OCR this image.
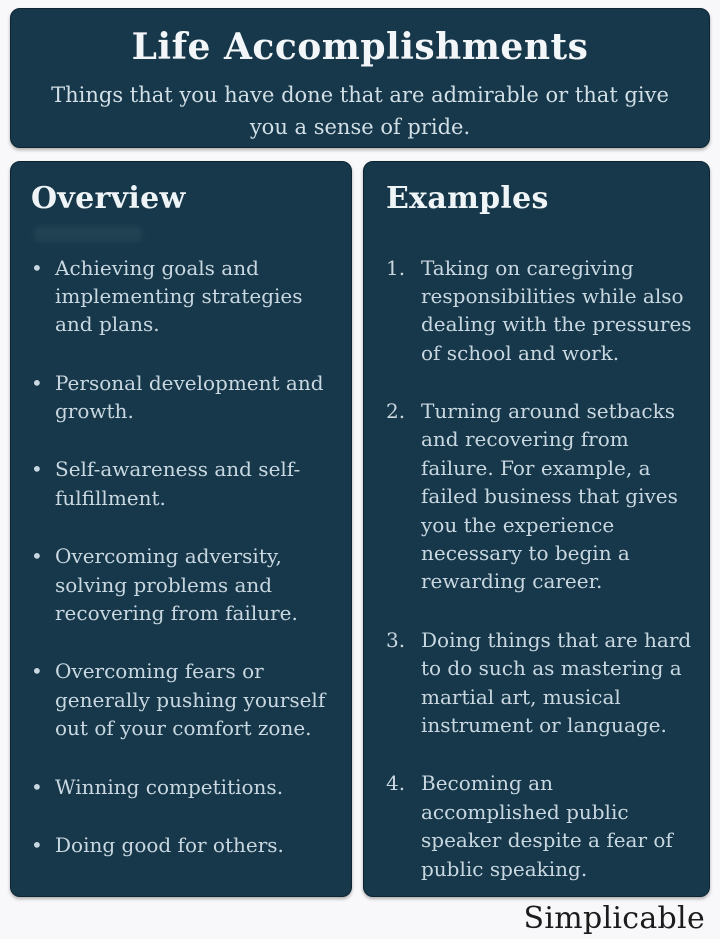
Life Accomplishments

Things that you have done that are admirable or that give you a sense of pride.

Overview
• Achieving goals and implementing strategies and plans.
• Personal development and growth.
• Self-awareness and self-fulfillment.
• Overcoming adversity, solving problems and recovering from failure.
• Overcoming fears or generally pushing yourself out of your comfort zone.
• Winning competitions.
• Doing good for others.
Examples
1. Taking on caregiving responsibilities while also dealing with the pressures of school and work.
2. Turning around setbacks and recovering from failure. For example, a failed business that gives you the experience necessary to begin a rewarding career.
3. Doing things that are hard to do such as mastering a martial art, musical instrument or language.
4. Becoming an accomplished public speaker despite a fear of public speaking.
Simplicable
